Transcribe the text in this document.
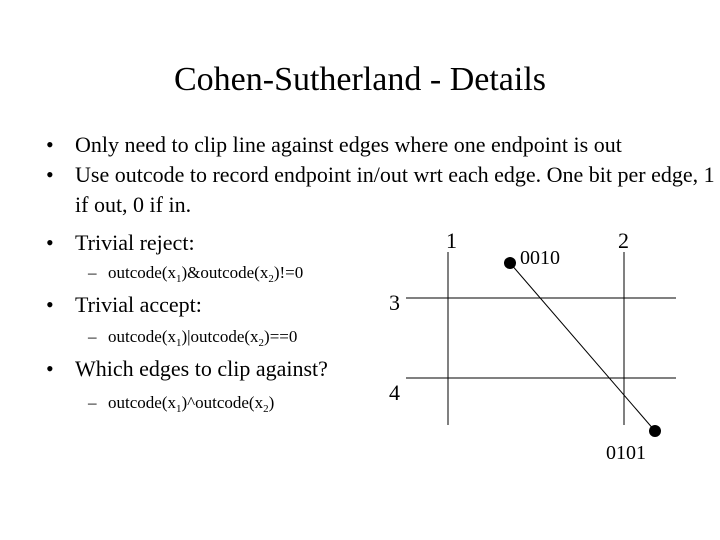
Cohen-Sutherland - Details
• Only need to clip line against edges where one endpoint is out
• Use outcode to record endpoint in/out wrt each edge. One bit per edge, 1 if out, 0 if in.
• Trivial reject:
• Trivial accept:
• Which edges to clip against?
– $outcode(x_1)\&outcode(x_2)!=0$
– $outcode(x_1)|outcode(x_2)==0$
– $outcode(x_1)\^{}outcode(x_2)$
1	2
3
4
0010
0101
